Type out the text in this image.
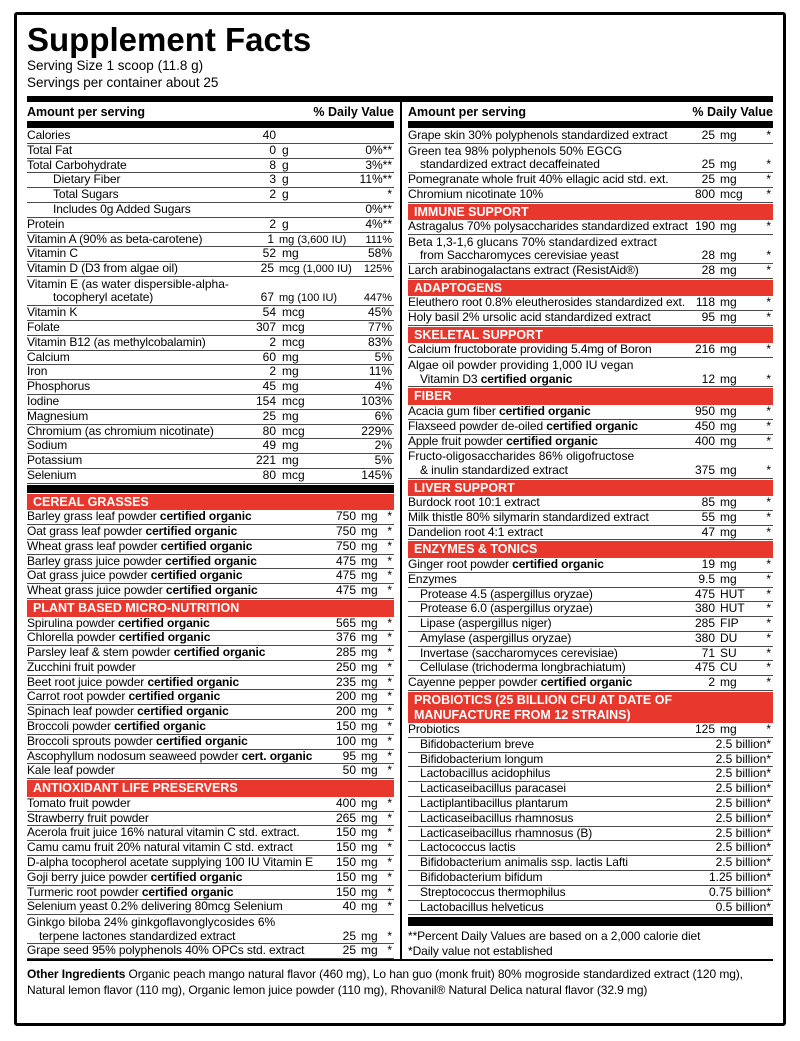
Supplement Facts
Serving Size 1 scoop (11.8 g)
Servings per container about 25
Amount per serving	% Daily Value
Calories	40
Total Fat	0 g	0%**
Total Carbohydrate	8 g	3%**
Dietary Fiber	3 g	11%**
Total Sugars	2 g	*
Includes 0g Added Sugars	0%**
Protein	2 g	4%**
Vitamin A (90% as beta-carotene)	1 mg (3,600 IU) 111%
Vitamin C	52 mg	58%
Vitamin D (D3 from algae oil)	25 mcg (1,000 IU) 125%
Vitamin E (as water dispersible-alpha-
tocopheryl acetate)	67 mg (100 IU) 447%
Vitamin K	54 mcg	45%
Folate	307 mcg	77%
Vitamin B12 (as methylcobalamin)	2 mcg	83%
Calcium	60 mg	5%
Iron	2 mg	11%
Phosphorus	45 mg	4%
Iodine	154 mcg	103%
Magnesium	25 mg	6%
Chromium (as chromium nicotinate)	80 mcg	229%
Sodium	49 mg	2%
Potassium	221 mg	5%
Selenium	80 mcg	145%
CEREAL GRASSES
Barley grass leaf powder certified organic	750 mg *
Oat grass leaf powder certified organic	750 mg *
Wheat grass leaf powder certified organic	750 mg *
Barley grass juice powder certified organic	475 mg *
Oat grass juice powder certified organic	475 mg *
Wheat grass juice powder certified organic	475 mg *
PLANT BASED MICRO-NUTRITION
Spirulina powder certified organic	565 mg *
Chlorella powder certified organic	376 mg *
Parsley leaf & stem powder certified organic	285 mg *
Zucchini fruit powder	250 mg *
Beet root juice powder certified organic	235 mg *
Carrot root powder certified organic	200 mg *
Spinach leaf powder certified organic	200 mg *
Broccoli powder certified organic	150 mg *
Broccoli sprouts powder certified organic	100 mg *
Ascophyllum nodosum seaweed powder cert. organic	95 mg *
Kale leaf powder	50 mg *
ANTIOXIDANT LIFE PRESERVERS
Tomato fruit powder	400 mg *
Strawberry fruit powder	265 mg *
Acerola fruit juice 16% natural vitamin C std. extract.	150 mg *
Camu camu fruit 20% natural vitamin C std. extract	150 mg *
D-alpha tocopherol acetate supplying 100 IU Vitamin E	150 mg *
Goji berry juice powder certified organic	150 mg *
Turmeric root powder certified organic	150 mg *
Selenium yeast 0.2% delivering 80mcg Selenium	40 mg *
Ginkgo biloba 24% ginkgoflavonglycosides 6%
terpene lactones standardized extract	25 mg *
Grape seed 95% polyphenols 40% OPCs std. extract	25 mg *
Amount per serving	% Daily Value
Grape skin 30% polyphenols standardized extract	25 mg *
Green tea 98% polyphenols 50% EGCG
standardized extract decaffeinated	25 mg *
Pomegranate whole fruit 40% ellagic acid std. ext.	25 mg *
Chromium nicotinate 10%	800 mcg *
IMMUNE SUPPORT
Astragalus 70% polysaccharides standardized extract 190 mg *
Beta 1,3-1,6 glucans 70% standardized extract
from Saccharomyces cerevisiae yeast	28 mg *
Larch arabinogalactans extract (ResistAid®)	28 mg *
ADAPTOGENS
Eleuthero root 0.8% eleutherosides standardized ext. 118 mg *
Holy basil 2% ursolic acid standardized extract	95 mg *
SKELETAL SUPPORT
Calcium fructoborate providing 5.4mg of Boron	216 mg *
Algae oil powder providing 1,000 IU vegan
Vitamin D3 certified organic	12 mg *
FIBER
Acacia gum fiber certified organic	950 mg *
Flaxseed powder de-oiled certified organic	450 mg *
Apple fruit powder certified organic	400 mg *
Fructo-oligosaccharides 86% oligofructose
& inulin standardized extract	375 mg *
LIVER SUPPORT
Burdock root 10:1 extract	85 mg *
Milk thistle 80% silymarin standardized extract	55 mg *
Dandelion root 4:1 extract	47 mg *
ENZYMES & TONICS
Ginger root powder certified organic	19 mg *
Enzymes	9.5 mg *
Protease 4.5 (aspergillus oryzae)	475 HUT *
Protease 6.0 (aspergillus oryzae)	380 HUT *
Lipase (aspergillus niger)	285 FIP *
Amylase (aspergillus oryzae)	380 DU *
Invertase (saccharomyces cerevisiae)	71 SU *
Cellulase (trichoderma longbrachiatum)	475 CU *
Cayenne pepper powder certified organic	2 mg *
PROBIOTICS (25 BILLION CFU AT DATE OF MANUFACTURE FROM 12 STRAINS)
Probiotics	125 mg *
Bifidobacterium breve	2.5 billion*
Bifidobacterium longum	2.5 billion*
Lactobacillus acidophilus	2.5 billion*
Lacticaseibacillus paracasei	2.5 billion*
Lactiplantibacillus plantarum	2.5 billion*
Lacticaseibacillus rhamnosus	2.5 billion*
Lacticaseibacillus rhamnosus (B)	2.5 billion*
Lactococcus lactis	2.5 billion*
Bifidobacterium animalis ssp. lactis Lafti	2.5 billion*
Bifidobacterium bifidum	1.25 billion*
Streptococcus thermophilus	0.75 billion*
Lactobacillus helveticus	0.5 billion*
**Percent Daily Values are based on a 2,000 calorie diet
*Daily value not established
Other Ingredients Organic peach mango natural flavor (460 mg), Lo han guo (monk fruit) 80% mogroside standardized extract (120 mg), Natural lemon flavor (110 mg), Organic lemon juice powder (110 mg), Rhovanil® Natural Delica natural flavor (32.9 mg)
